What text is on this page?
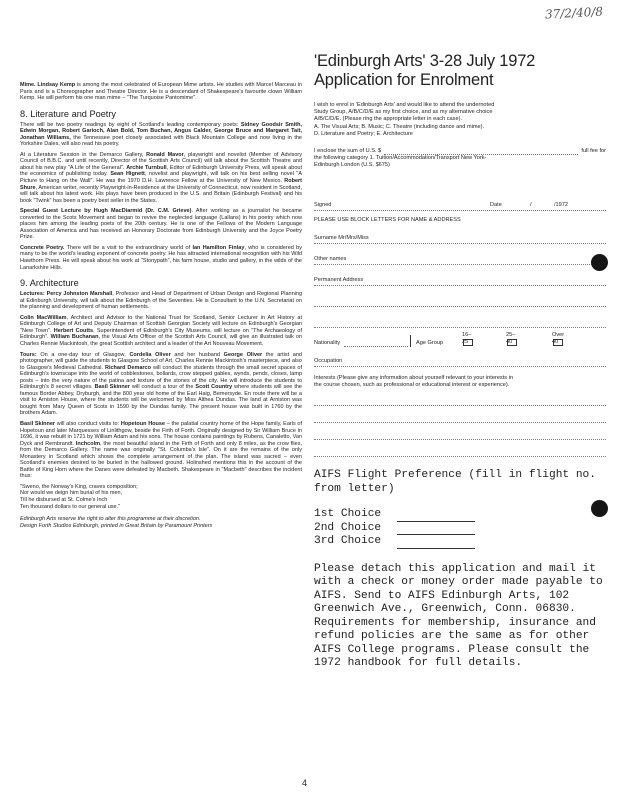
37/2/40/8

Mime. Lindsay Kemp is among the most celebrated of European Mime artists. He studies with Marcel Marceau in Paris and is a Choreographer and Theatre Director. He is a descendant of Shakespeare's favourite clown William Kemp. He will perform his one man mime – "The Turquoise Pantomime".

8. Literature and Poetry

There will be two poetry readings by eight of Scotland's leading contemporary poets: Sidney Goodsir Smith, Edwin Morgan, Robert Garioch, Alan Bold, Tom Buchan, Angus Calder, George Bruce and Margaret Tait, Jonathan Williams, the Tennessee poet closely associated with Black Mountain College and now living in the Yorkshire Dales, will also read his poetry.

At a Literature Session in the Demarco Gallery, Ronald Mavor, playwright and novelist (Member of Advisory Council of B.B.C. and until recently, Director of the Scottish Arts Council) will talk about the Scottish Theatre and about his new play "A Life of the General". Archie Turnbull, Editor of Edinburgh University Press, will speak about the economics of publishing today. Sean Hignett, novelist and playwright, will talk on his best selling novel "A Picture to Hang on the Wall". He was the 1970 D.H. Lawrence Fellow at the University of New Mexico. Robert Shure, American writer, recently Playwright-in-Residence at the University of Connecticut, now resident in Scotland, will talk about his latest work. His plays have been produced in the U.S. and Britain (Edinburgh Festival) and his book "Twink" has been a poetry best seller in the States.

Special Guest Lecture by Hugh MacDiarmid (Dr. C.M. Grieve). After working as a journalist he became converted to the Scots Movement and began to revive the neglected language (Lallans) in his poetry which now places him among the leading poets of the 20th century. He is one of the Fellows of the Modern Language Association of America and has received an Honorary Doctorate from Edinburgh University and the Joyce Poetry Prize.

Concrete Poetry. There will be a visit to the extraordinary world of Ian Hamilton Finlay, who is considered by many to be the world's leading exponent of concrete poetry. He has attracted international recognition with his Wild Hawthorn Press. He will speak about his work at "Stonypath", his farm house, studio and gallery, in the wilds of the Lanarkshire Hills.

9. Architecture

Lectures: Percy Johnston Marshall, Professor and Head of Department of Urban Design and Regional Planning at Edinburgh University, will talk about the Edinburgh of the Seventies. He is Consultant to the U.N. Secretariat on the planning and development of human settlements.

Colin MacWilliam, Architect and Advisor to the National Trust for Scotland, Senior Lecturer in Art History at Edinburgh College of Art and Deputy Chairman of Scottish Georgian Society will lecture on Edinburgh's Georgian "New Town". Herbert Coutts, Superintendent of Edinburgh's City Museums, will lecture on "The Archaeology of Edinburgh". William Buchanan, the Visual Arts Officer of the Scottish Arts Council, will give an illustrated talk on Charles Rennie Mackintosh, the great Scottish architect and a leader of the Art Nouveau Movement.

Tours: On a one-day tour of Glasgow, Cordelia Oliver and her husband George Oliver the artist and photographer, will guide the students to Glasgow School of Art, Charles Rennie Mackintosh's masterpiece, and also to Glasgow's Medieval Cathedral. Richard Demarco will conduct the students through the small secret spaces of Edinburgh's townscape into the world of cobblestones, bollards, crow stepped gables, wynds, pends, closes, lamp posts – into the very nature of the patina and texture of the stones of the city. He will introduce the students to Edinburgh's 8 secret villages. Basil Skinner will conduct a tour of the Scott Country where students will see the famous Border Abbey, Dryburgh, and the 800 year old home of the Earl Haig, Bemersyde. En route there will be a visit to Arniston House, where the students will be welcomed by Miss Althea Dundas. The land at Arniston was bought from Mary Queen of Scots in 1590 by the Dundas family. The present house was built in 1760 by the brothers Adam.

Basil Skinner will also conduct visits to: Hopetoun House – the palatial country home of the Hope family, Earls of Hopetoun and later Marquesses of Linlithgow, beside the Firth of Forth. Originally designed by Sir William Bruce in 1696, it was rebuilt in 1721 by William Adam and his sons. The house contains paintings by Rubens, Canaletto, Van Dyck and Rembrandt. Inchcolm, the most beautiful island in the Firth of Forth and only 8 miles, as the crow flies, from the Demarco Gallery. The name was originally "St. Columba's Isle". On it are the remains of the only Monastery in Scotland which shows the complete arrangement of the plan. The island was sacred – even Scotland's enemies desired to be buried in the hallowed ground. Holinshed mentions this in the account of the Battle of King Horn where the Danes were defeated by Macbeth. Shakespeare in "Macbeth" describes the incident thus:

"Sweno, the Norway's King, craves composition;

Nor would we deign him burial of his men,

Till he disbursed at St. Colme's Inch

Ten thousand dollars to our general use."

Edinburgh Arts reserve the right to alter this programme at their discretion.

Design Forth Studios Edinburgh, printed in Great Britain by Paramount Printers

'Edinburgh Arts' 3-28 July 1972
Application for Enrolment
I wish to enrol in 'Edinburgh Arts' and would like to attend the undernoted
Study Group, A/B/C/D/E as my first choice, and as my alternative choice
A/B/C/D/E. (Please ring the appropriate letter in each case).
A. The Visual Arts; B. Music; C. Theatre (including dance and mime).
D. Literature and Poetry; E. Architecture
I enclose the sum of U.S. $	full fee for
the following category 1. Tuition/Accommodation/Transport New York-
Edinburgh London (U.S. $675)
Signed	Date	/	/1972
PLEASE USE BLOCK LETTERS FOR NAME & ADDRESS
Surname Mr/Mrs/Miss
Other names
Permanent Address
Nationality	Age Group
16–25
25–40
Over 40
Occupation
Interests (Please give any information about yourself relevant to your interests in
the course chosen, such as professional or educational interest or experience).
AIFS Flight Preference (fill in flight no. from letter)
1st Choice
2nd Choice
3rd Choice
Please detach this application and mail it with a check or money order made payable to AIFS. Send to AIFS Edinburgh Arts, 102 Greenwich Ave., Greenwich, Conn. 06830. Requirements for membership, insurance and refund policies are the same as for other AIFS College programs. Please consult the 1972 handbook for full details.
4
